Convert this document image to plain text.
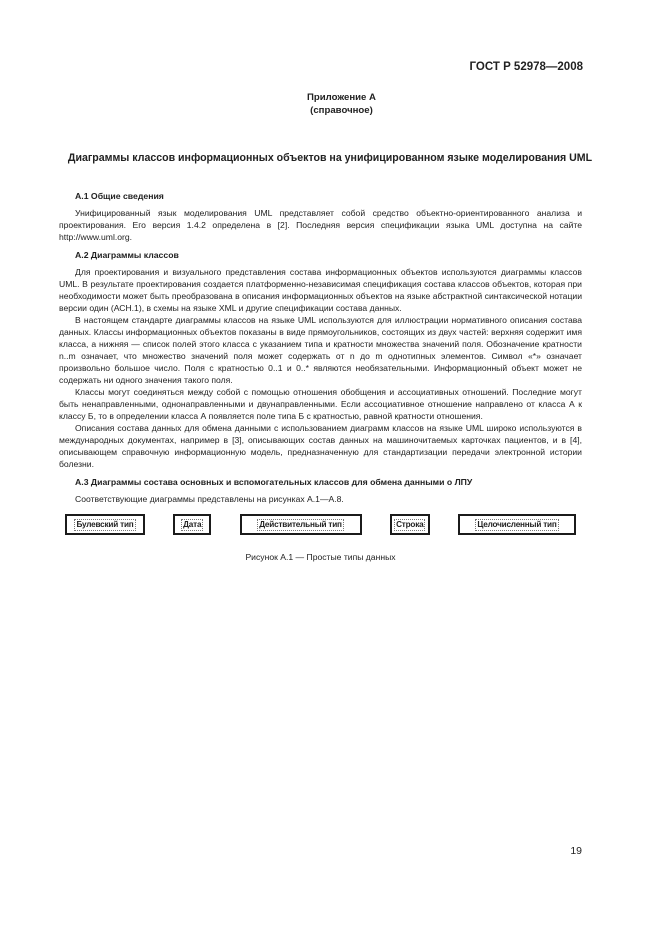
ГОСТ Р 52978—2008
Приложение А
(справочное)
Диаграммы классов информационных объектов на унифицированном языке моделирования UML
А.1 Общие сведения

Унифицированный язык моделирования UML представляет собой средство объектно-ориентированного анализа и проектирования. Его версия 1.4.2 определена в [2]. Последняя версия спецификации языка UML доступна на сайте http://www.uml.org.

А.2 Диаграммы классов

Для проектирования и визуального представления состава информационных объектов используются диаграммы классов UML. В результате проектирования создается платформенно-независимая спецификация состава классов объектов, которая при необходимости может быть преобразована в описания информационных объектов на языке абстрактной синтаксической нотации версии один (АСН.1), в схемы на языке XML и другие спецификации состава данных.

В настоящем стандарте диаграммы классов на языке UML используются для иллюстрации нормативного описания состава данных. Классы информационных объектов показаны в виде прямоугольников, состоящих из двух частей: верхняя содержит имя класса, а нижняя — список полей этого класса с указанием типа и кратности множества значений поля. Обозначение кратности n..m означает, что множество значений поля может содержать от n до m однотипных элементов. Символ «*» означает произвольно большое число. Поля с кратностью 0..1 и 0..* являются необязательными. Информационный объект может не содержать ни одного значения такого поля.

Классы могут соединяться между собой с помощью отношения обобщения и ассоциативных отношений. Последние могут быть ненаправленными, однонаправленными и двунаправленными. Если ассоциативное отношение направлено от класса А к классу Б, то в определении класса А появляется поле типа Б с кратностью, равной кратности отношения.

Описания состава данных для обмена данными с использованием диаграмм классов на языке UML широко используются в международных документах, например в [3], описывающих состав данных на машиночитаемых карточках пациентов, и в [4], описывающем справочную информационную модель, предназначенную для стандартизации передачи электронной истории болезни.

А.3 Диаграммы состава основных и вспомогательных классов для обмена данными о ЛПУ

Соответствующие диаграммы представлены на рисунках А.1—А.8.

Булевский тип	Дата	Действительный тип	Строка	Целочисленный тип
Рисунок А.1 — Простые типы данных
19
